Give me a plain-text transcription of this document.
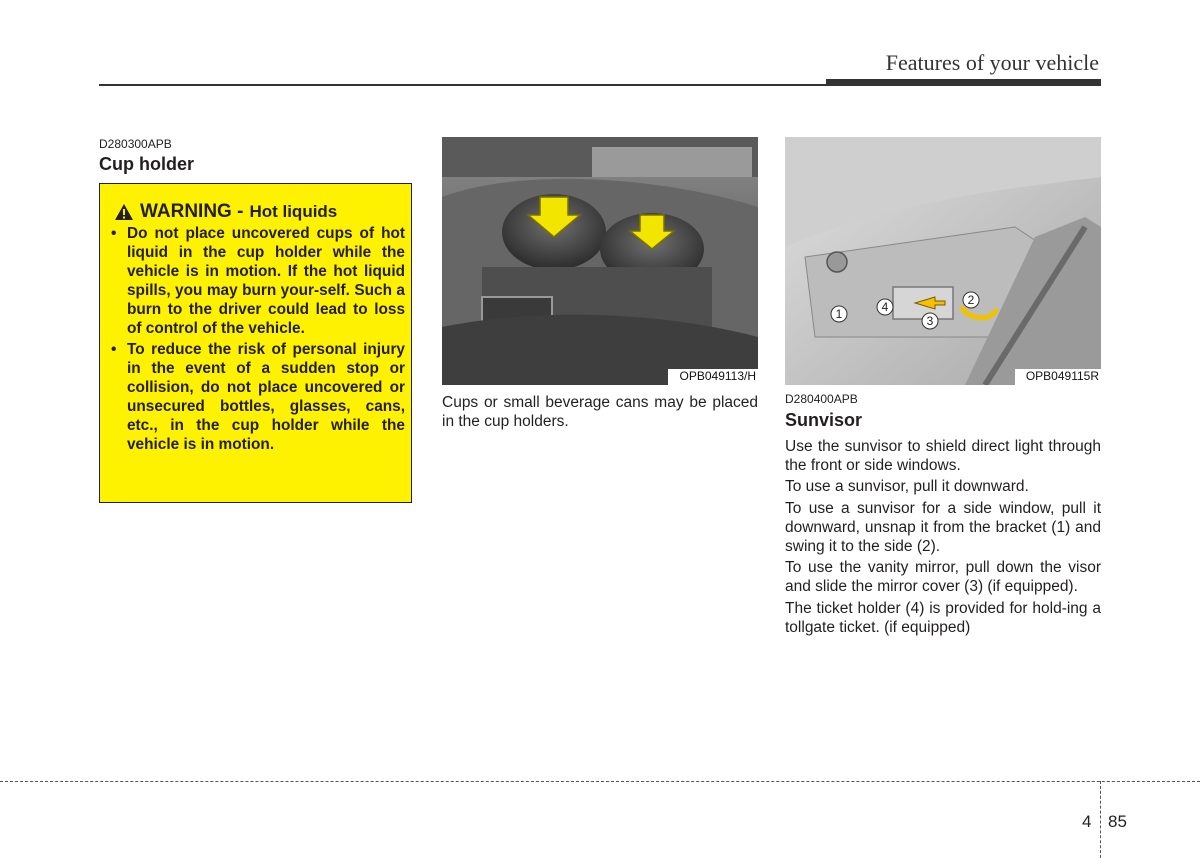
Features of your vehicle
D280300APB
Cup holder
WARNING - Hot liquids
• Do not place uncovered cups of hot liquid in the cup holder while the vehicle is in motion. If the hot liquid spills, you may burn your-self. Such a burn to the driver could lead to loss of control of the vehicle.
• To reduce the risk of personal injury in the event of a sudden stop or collision, do not place uncovered or unsecured bottles, glasses, cans, etc., in the cup holder while the vehicle is in motion.
OPB049113/H

Cups or small beverage cans may be placed in the cup holders.

1
2
3
4
OPB049115R
D280400APB
Sunvisor

Use the sunvisor to shield direct light through the front or side windows.

To use a sunvisor, pull it downward.

To use a sunvisor for a side window, pull it downward, unsnap it from the bracket (1) and swing it to the side (2).

To use the vanity mirror, pull down the visor and slide the mirror cover (3) (if equipped).

The ticket holder (4) is provided for hold-ing a tollgate ticket. (if equipped)

4 85
